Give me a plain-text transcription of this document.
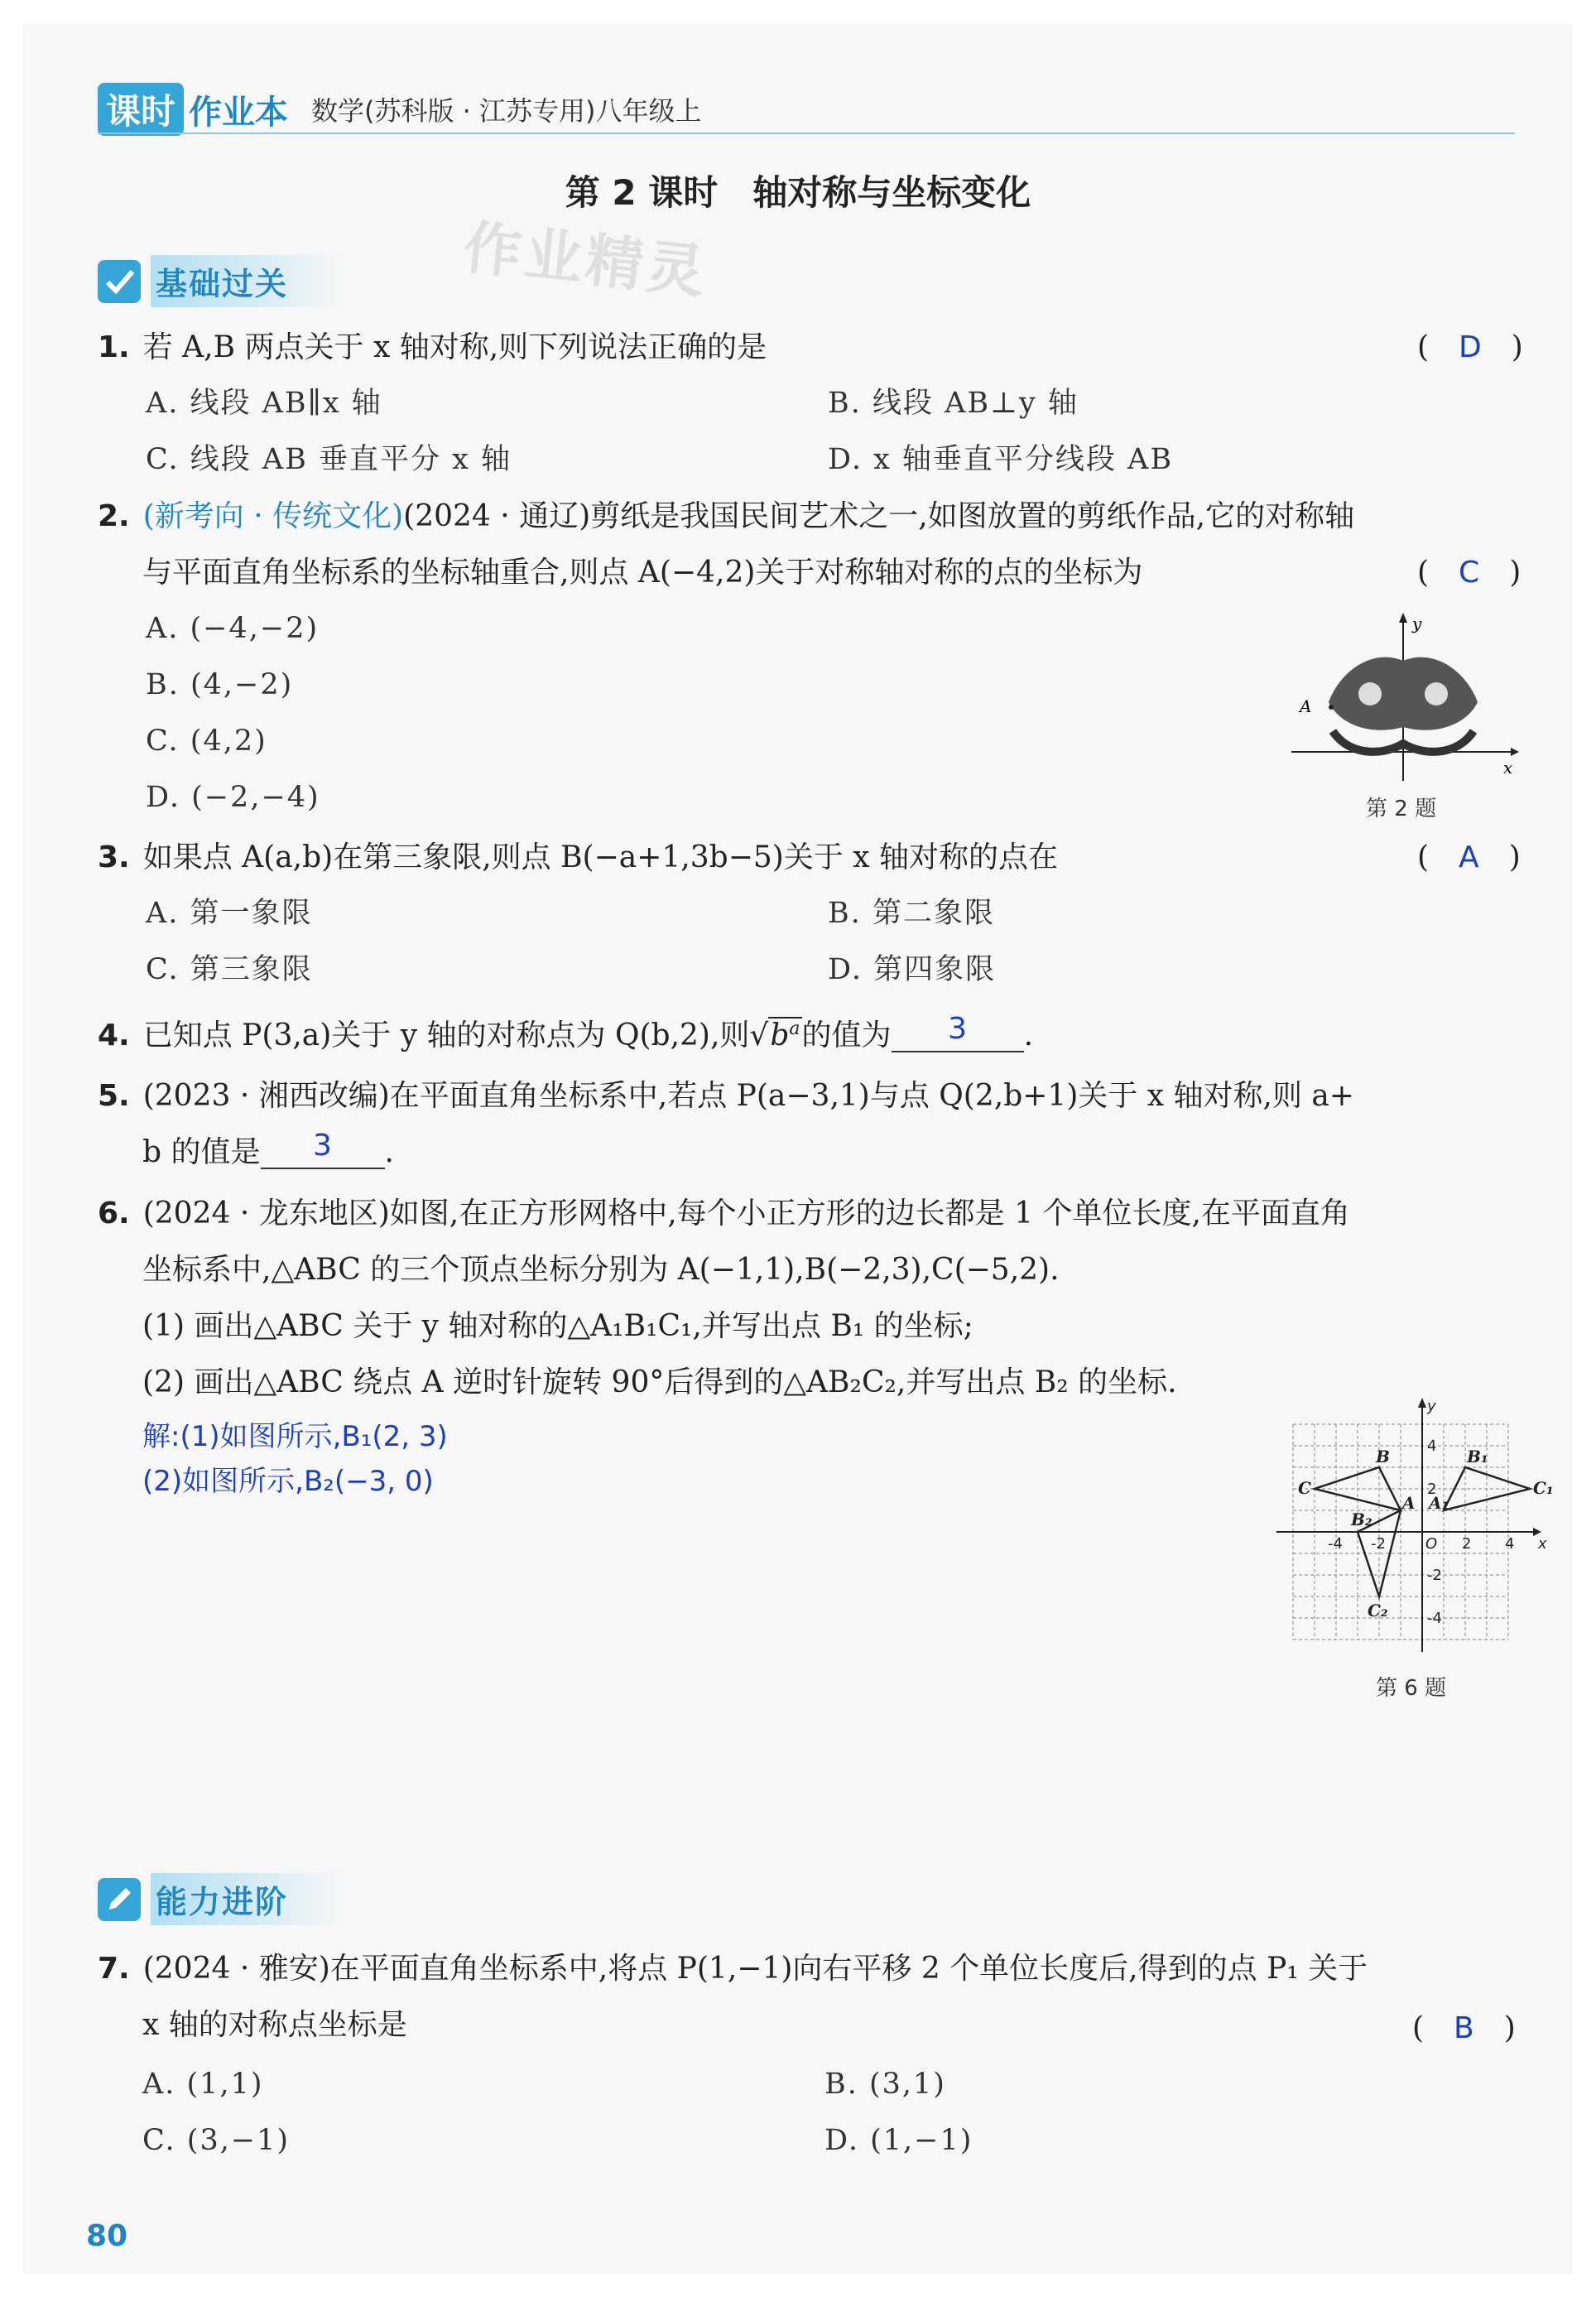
课时 作业本 数学(苏科版 · 江苏专用)八年级上
第 2 课时　轴对称与坐标变化
作业精灵
基础过关
1. 若 A,B 两点关于 x 轴对称,则下列说法正确的是	(　D　)
A. 线段 AB∥x 轴	B. 线段 AB⊥y 轴
C. 线段 AB 垂直平分 x 轴	D. x 轴垂直平分线段 AB
2. (新考向 · 传统文化)(2024 · 通辽)剪纸是我国民间艺术之一,如图放置的剪纸作品,它的对称轴
与平面直角坐标系的坐标轴重合,则点 A(−4,2)关于对称轴对称的点的坐标为	(　C　)
A. (−4,−2)
B. (4,−2)
C. (4,2)
D. (−2,−4)
A
y
x
第 2 题
3. 如果点 A(a,b)在第三象限,则点 B(−a+1,3b−5)关于 x 轴对称的点在	(　A　)
A. 第一象限	B. 第二象限
C. 第三象限	D. 第四象限
4. 已知点 P(3,a)关于 y 轴的对称点为 Q(b,2),则$√b^a$的值为 3 .
5. (2023 · 湘西改编)在平面直角坐标系中,若点 P(a−3,1)与点 Q(2,b+1)关于 x 轴对称,则 a+
b 的值是 3 .
6. (2024 · 龙东地区)如图,在正方形网格中,每个小正方形的边长都是 1 个单位长度,在平面直角
坐标系中,△ABC 的三个顶点坐标分别为 A(−1,1),B(−2,3),C(−5,2).
(1) 画出△ABC 关于 y 轴对称的△A₁B₁C₁,并写出点 B₁ 的坐标;
(2) 画出△ABC 绕点 A 逆时针旋转 90°后得到的△AB₂C₂,并写出点 B₂ 的坐标.
解:(1)如图所示,B₁(2, 3)
(2)如图所示,B₂(−3, 0)
B	B₁
C	C₁
A A₁
B₂
C₂
y
x
O
4
2
-2
-4
2 4
-4 -2
第 6 题
能力进阶
7. (2024 · 雅安)在平面直角坐标系中,将点 P(1,−1)向右平移 2 个单位长度后,得到的点 P₁ 关于
x 轴的对称点坐标是	(　B　)
A. (1,1)	B. (3,1)
C. (3,−1)	D. (1,−1)
80
